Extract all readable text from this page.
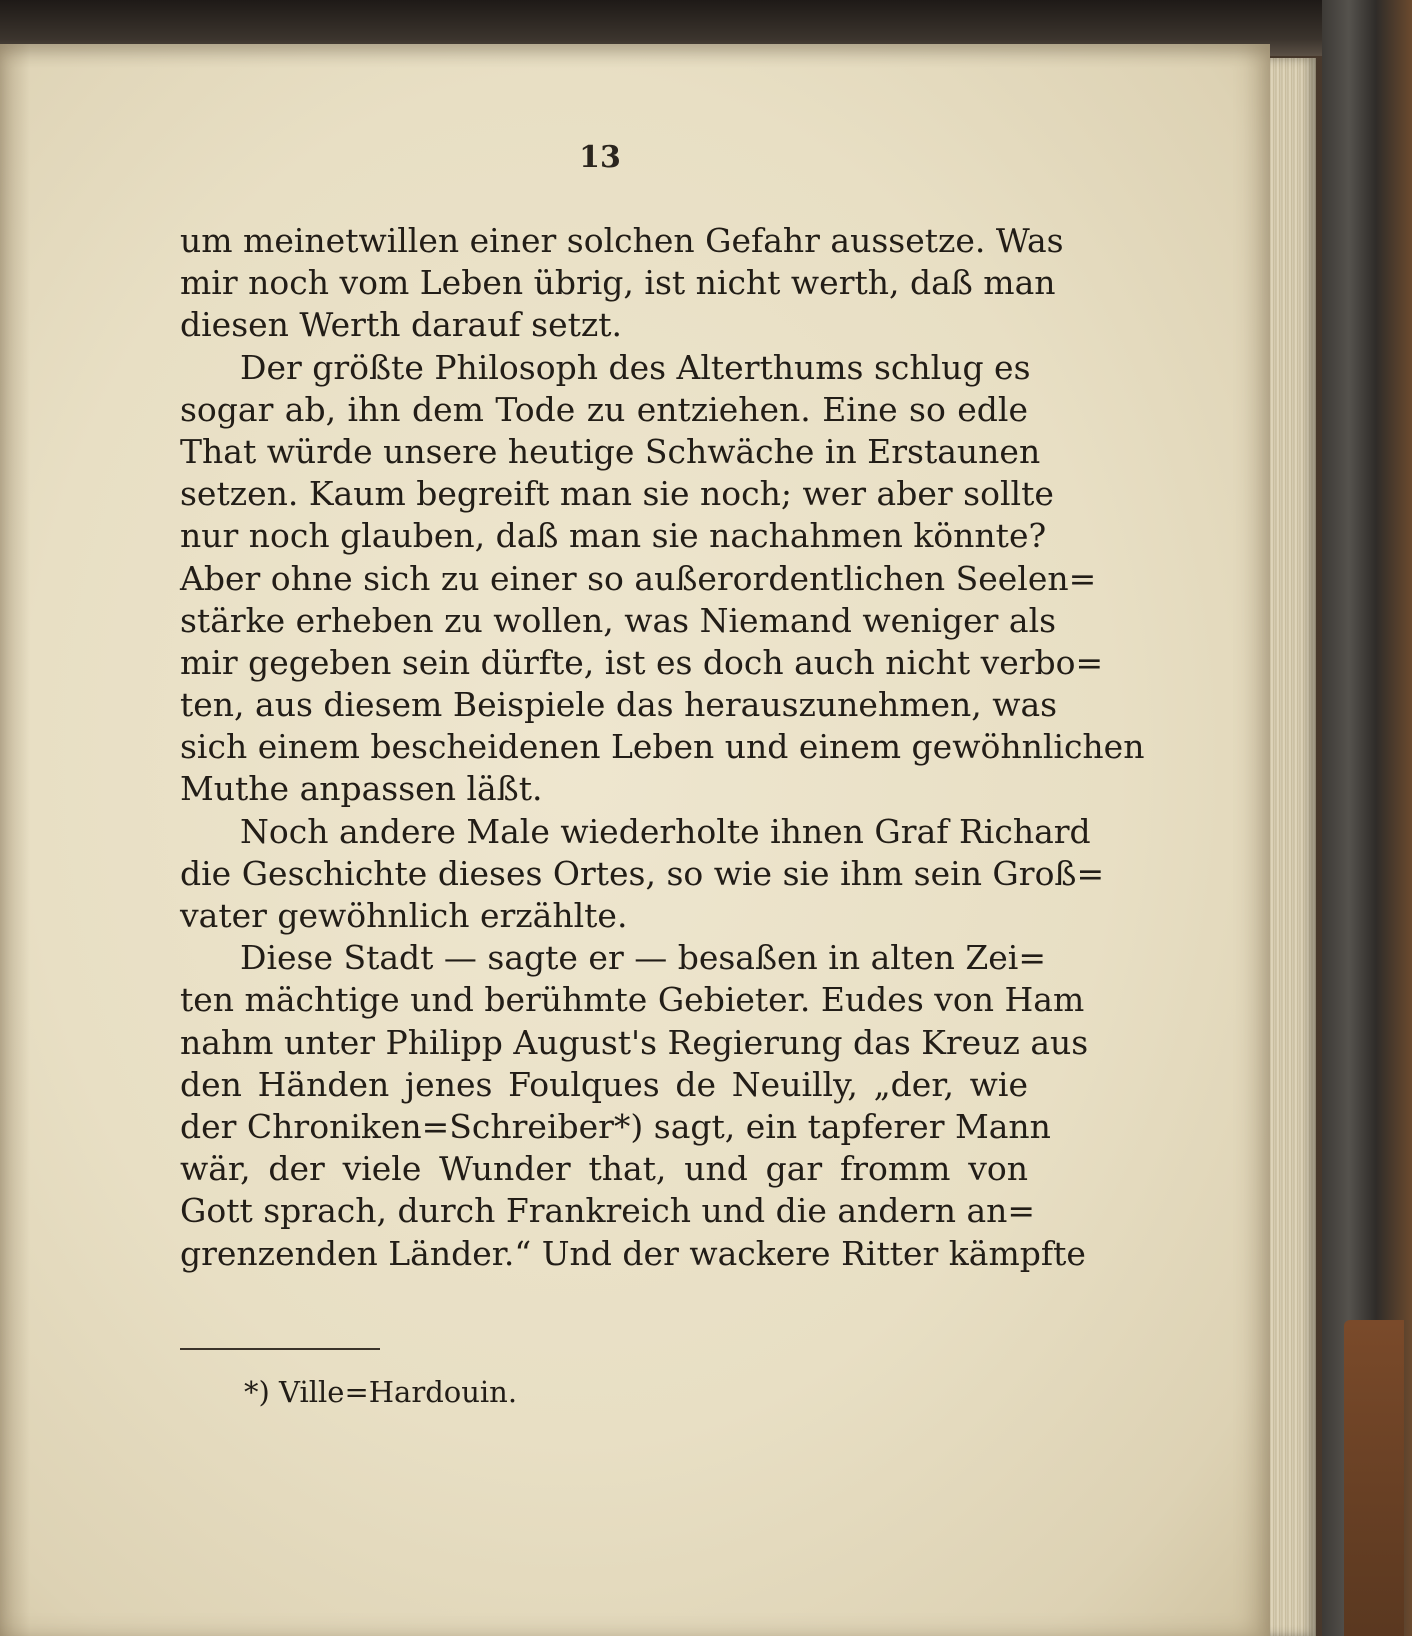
13
um meinetwillen einer solchen Gefahr aussetze. Was
mir noch vom Leben übrig, ist nicht werth, daß man
diesen Werth darauf setzt.
Der größte Philosoph des Alterthums schlug es
sogar ab, ihn dem Tode zu entziehen. Eine so edle
That würde unsere heutige Schwäche in Erstaunen
setzen. Kaum begreift man sie noch; wer aber sollte
nur noch glauben, daß man sie nachahmen könnte?
Aber ohne sich zu einer so außerordentlichen Seelen=
stärke erheben zu wollen, was Niemand weniger als
mir gegeben sein dürfte, ist es doch auch nicht verbo=
ten, aus diesem Beispiele das herauszunehmen, was
sich einem bescheidenen Leben und einem gewöhnlichen
Muthe anpassen läßt.
Noch andere Male wiederholte ihnen Graf Richard
die Geschichte dieses Ortes, so wie sie ihm sein Groß=
vater gewöhnlich erzählte.
Diese Stadt — sagte er — besaßen in alten Zei=
ten mächtige und berühmte Gebieter. Eudes von Ham
nahm unter Philipp August's Regierung das Kreuz aus
den Händen jenes Foulques de Neuilly, „der, wie
der Chroniken=Schreiber*) sagt, ein tapferer Mann
wär, der viele Wunder that, und gar fromm von
Gott sprach, durch Frankreich und die andern an=
grenzenden Länder.“ Und der wackere Ritter kämpfte
*) Ville=Hardouin.
